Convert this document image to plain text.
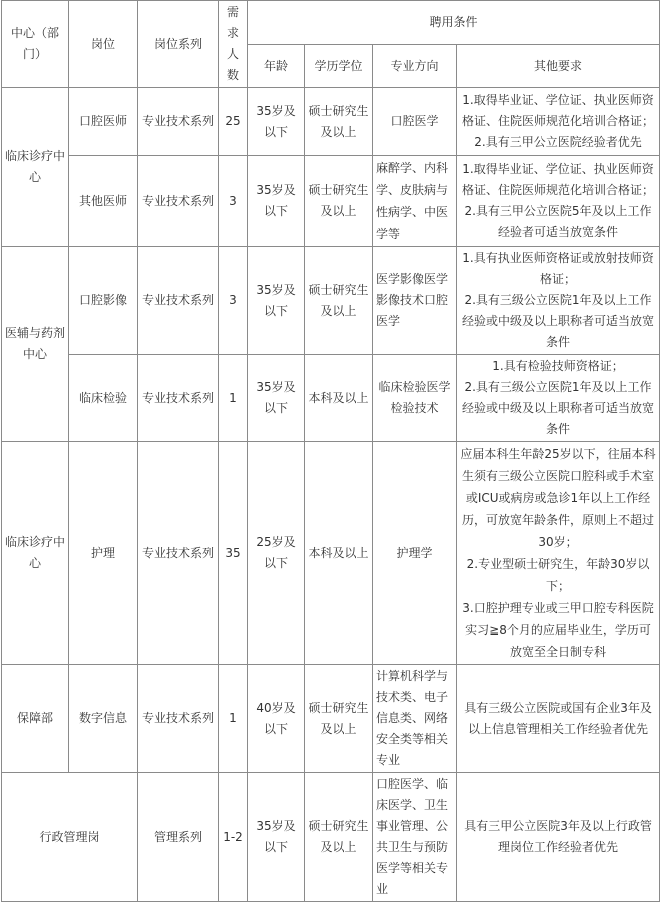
中心（部门）	岗位	岗位系列	需求人数	聘用条件			
				年龄	学历学位	专业方向	其他要求
临床诊疗中心	口腔医师	专业技术系列	25	35岁及以下	硕士研究生及以上	口腔医学	1.取得毕业证、学位证、执业医师资格证、住院医师规范化培训合格证；
2.具有三甲公立医院经验者优先

	其他医师	专业技术系列	3	35岁及以下	硕士研究生及以上	麻醉学、内科学、皮肤病与性病学、中医学等	1.取得毕业证、学位证、执业医师资格证、住院医师规范化培训合格证；
2.具有三甲公立医院5年及以上工作经验者可适当放宽条件

医辅与药剂中心	口腔影像	专业技术系列	3	35岁及以下	硕士研究生及以上	医学影像医学影像技术口腔医学	1.具有执业医师资格证或放射技师资格证；
2.具有三级公立医院1年及以上工作经验或中级及以上职称者可适当放宽条件

	临床检验	专业技术系列	1	35岁及以下	本科及以上	临床检验医学检验技术	1.具有检验技师资格证；
2.具有三级公立医院1年及以上工作经验或中级及以上职称者可适当放宽条件

临床诊疗中心	护理	专业技术系列	35	25岁及以下	本科及以上	护理学	应届本科生年龄25岁以下，往届本科生须有三级公立医院口腔科或手术室或ICU或病房或急诊1年以上工作经历，可放宽年龄条件，原则上不超过30岁；
2.专业型硕士研究生，年龄30岁以下；
3.口腔护理专业或三甲口腔专科医院实习≧8个月的应届毕业生，学历可放宽至全日制专科

保障部	数字信息	专业技术系列	1	40岁及以下	硕士研究生及以上	计算机科学与技术类、电子信息类、网络安全类等相关专业	具有三级公立医院或国有企业3年及以上信息管理相关工作经验者优先

行政管理岗		管理系列	1-2	35岁及以下	硕士研究生及以上	口腔医学、临床医学、卫生事业管理、公共卫生与预防医学等相关专业	具有三甲公立医院3年及以上行政管理岗位工作经验者优先
